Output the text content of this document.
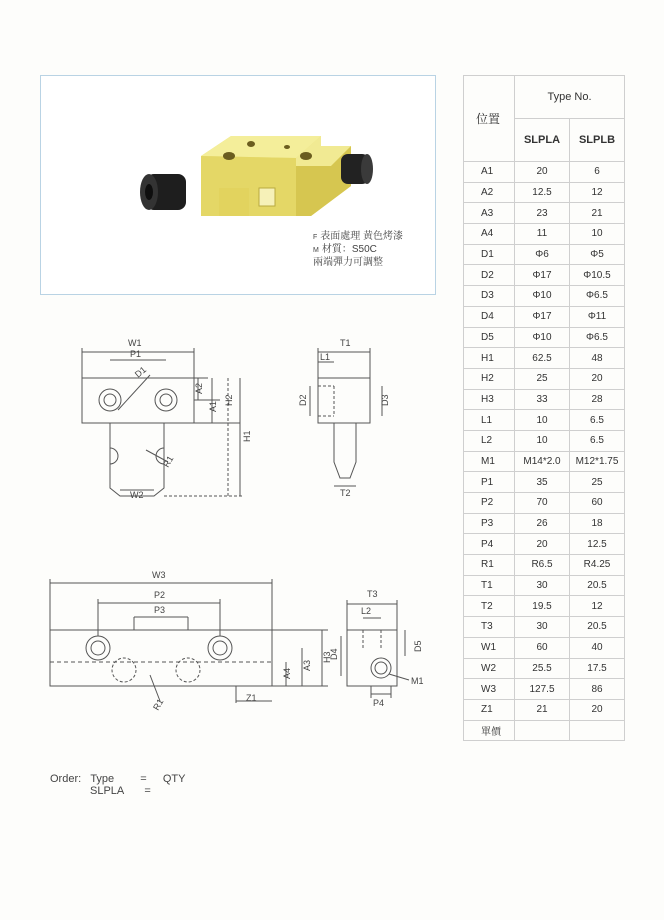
F 表面處理 黄色烤漆
M 材質：S50C
兩端彈力可調整
W1
P1
D1
A2
A1
H2
H1
R1
W2
T1
L1
D2	D3
T2
W3
P2
P3
H3
A3
A4
Z1
R1
T3
L2
D4
D5
M1
P4
位置	Type No.	
	SLPLA	SLPLB
A1	20	6
A2	12.5	12
A3	23	21
A4	11	10
D1	Φ6	Φ5
D2	Φ17	Φ10.5
D3	Φ10	Φ6.5
D4	Φ17	Φ11
D5	Φ10	Φ6.5
H1	62.5	48
H2	25	20
H3	33	28
L1	10	6.5
L2	10	6.5
M1	M14*2.0	M12*1.75
P1	35	25
P2	70	60
P3	26	18
P4	20	12.5
R1	R6.5	R4.25
T1	30	20.5
T2	19.5	12
T3	30	20.5
W1	60	40
W2	25.5	17.5
W3	127.5	86
Z1	21	20
單價		
Order: Type = QTY
SLPLA =
